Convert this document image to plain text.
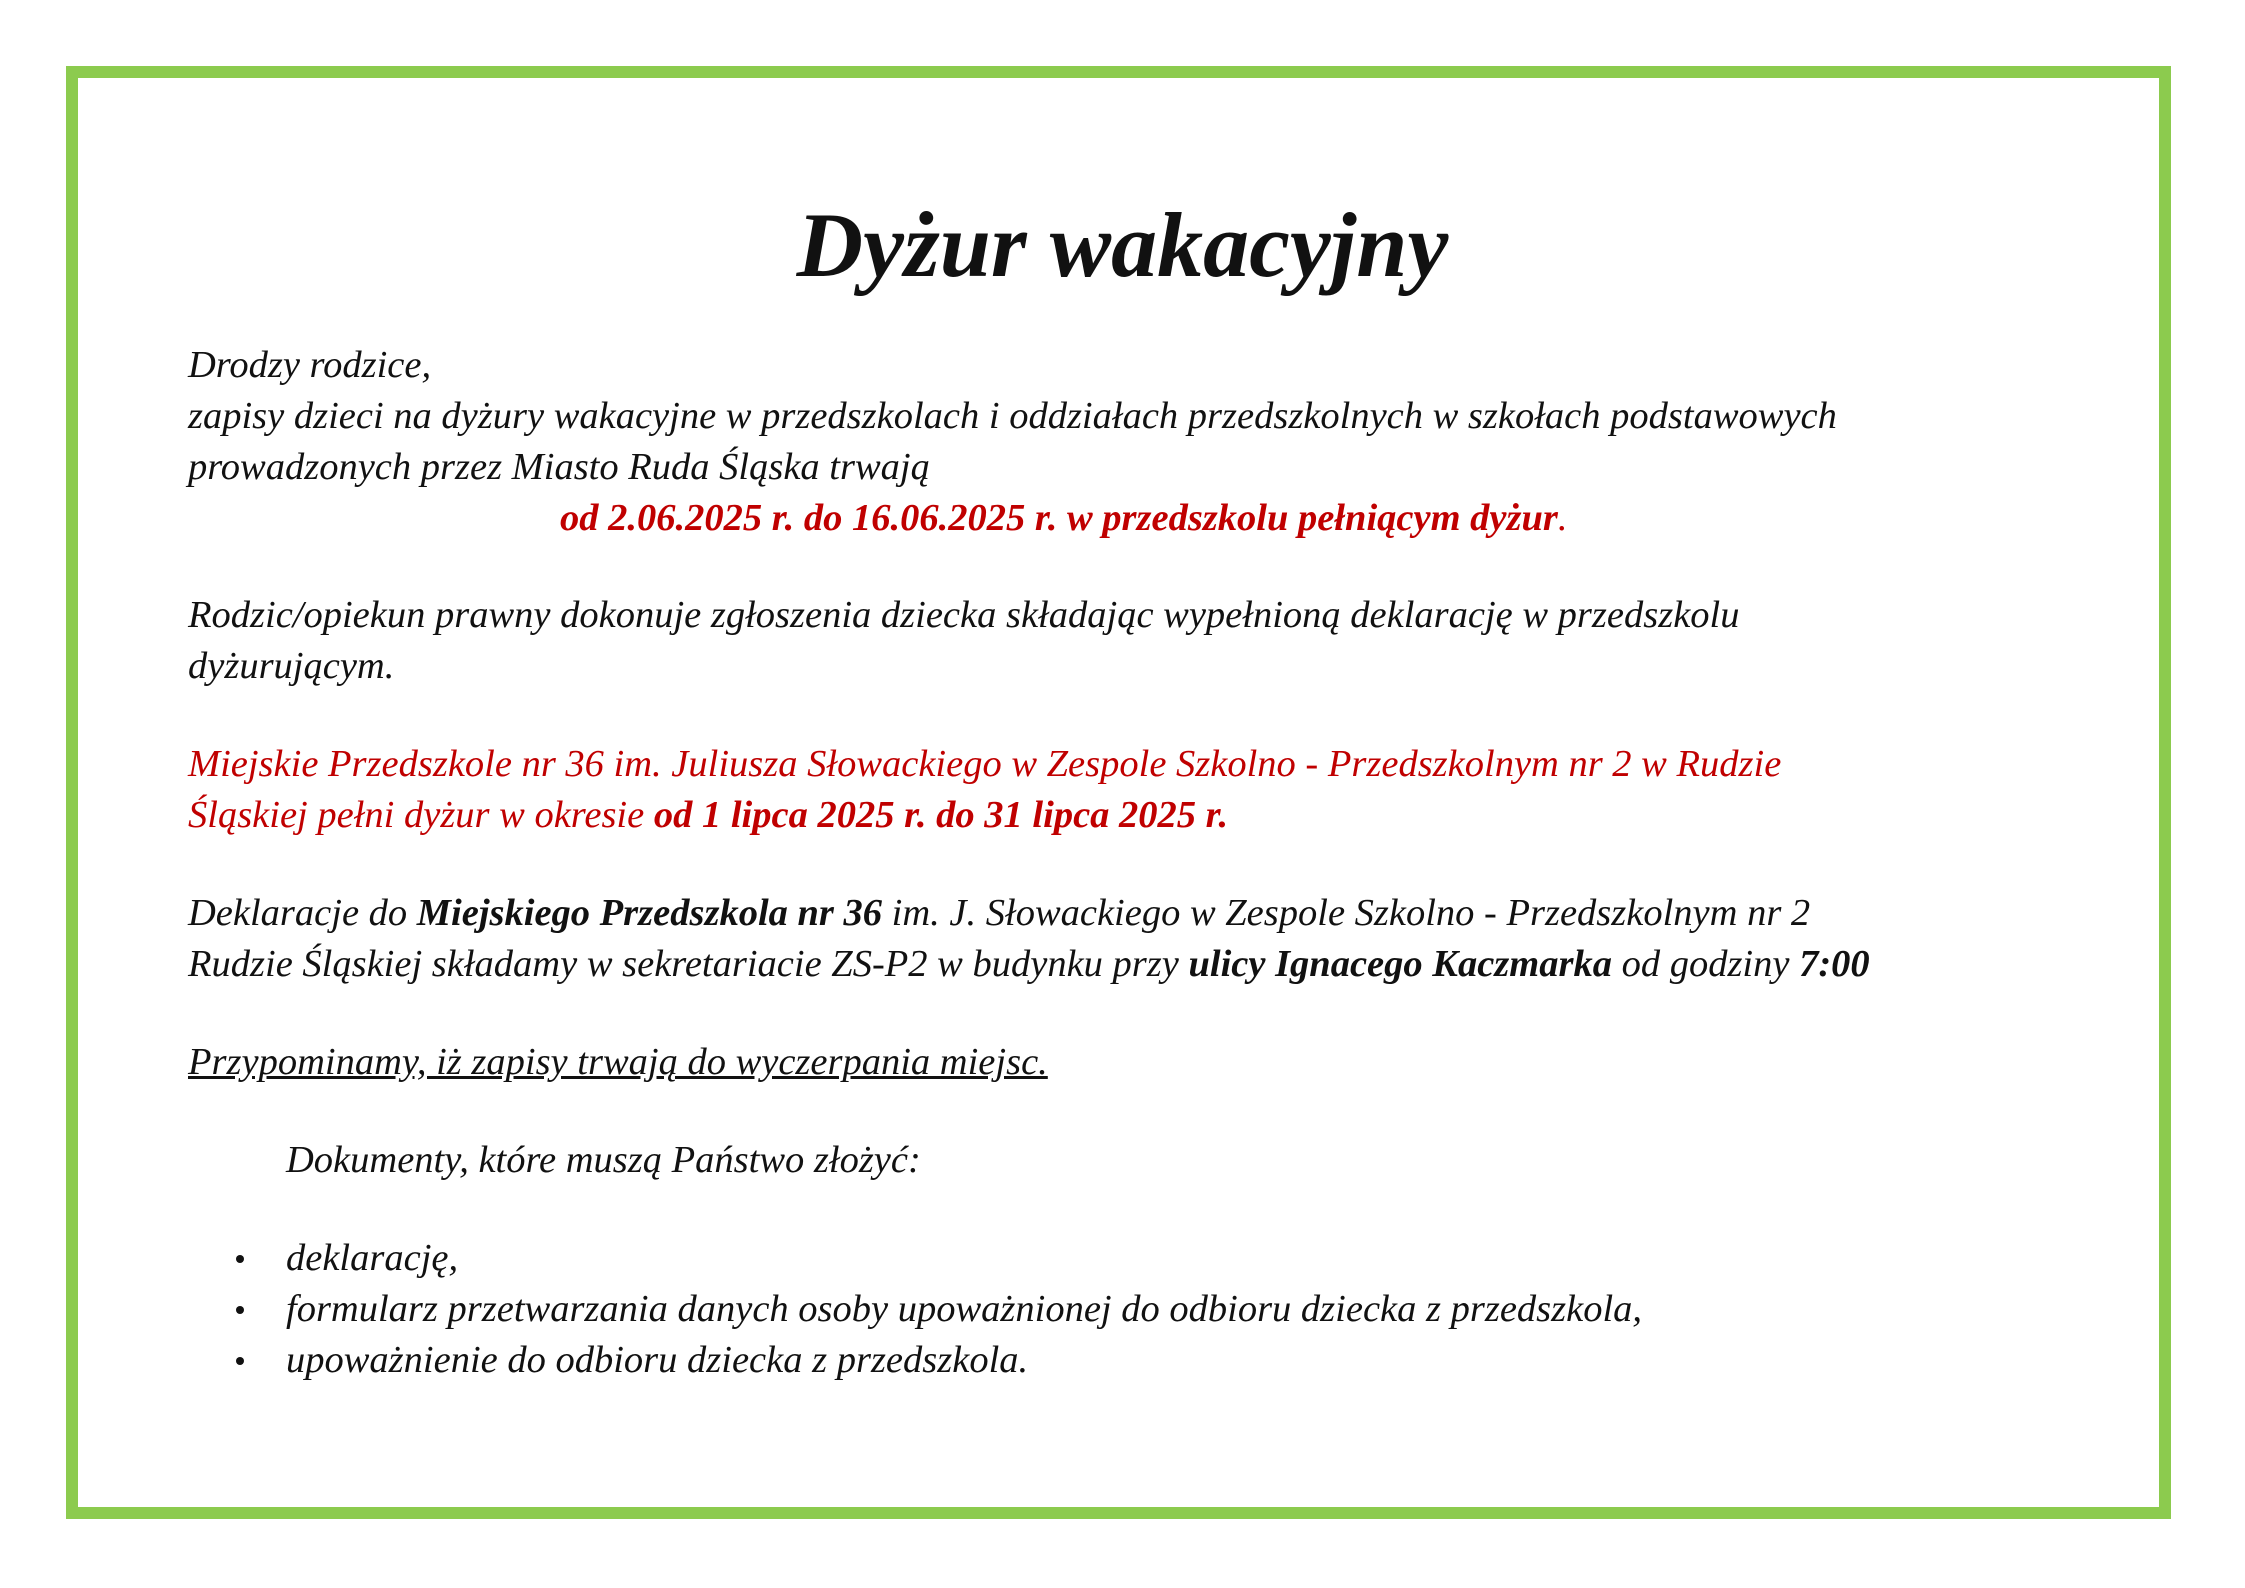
Dyżur wakacyjny

Drodzy rodzice,

zapisy dzieci na dyżury wakacyjne w przedszkolach i oddziałach przedszkolnych w szkołach podstawowych

prowadzonych przez Miasto Ruda Śląska trwają

od 2.06.2025 r. do 16.06.2025 r. w przedszkolu pełniącym dyżur.

Rodzic/opiekun prawny dokonuje zgłoszenia dziecka składając wypełnioną deklarację w przedszkolu

dyżurującym.

Miejskie Przedszkole nr 36 im. Juliusza Słowackiego w Zespole Szkolno - Przedszkolnym nr 2 w Rudzie

Śląskiej pełni dyżur w okresie od 1 lipca 2025 r. do 31 lipca 2025 r.

Deklaracje do Miejskiego Przedszkola nr 36 im. J. Słowackiego w Zespole Szkolno - Przedszkolnym nr 2

Rudzie Śląskiej składamy w sekretariacie ZS-P2 w budynku przy ulicy Ignacego Kaczmarka od godziny 7:00

Przypominamy, iż zapisy trwają do wyczerpania miejsc.

Dokumenty, które muszą Państwo złożyć:

deklarację,
formularz przetwarzania danych osoby upoważnionej do odbioru dziecka z przedszkola,
upoważnienie do odbioru dziecka z przedszkola.
